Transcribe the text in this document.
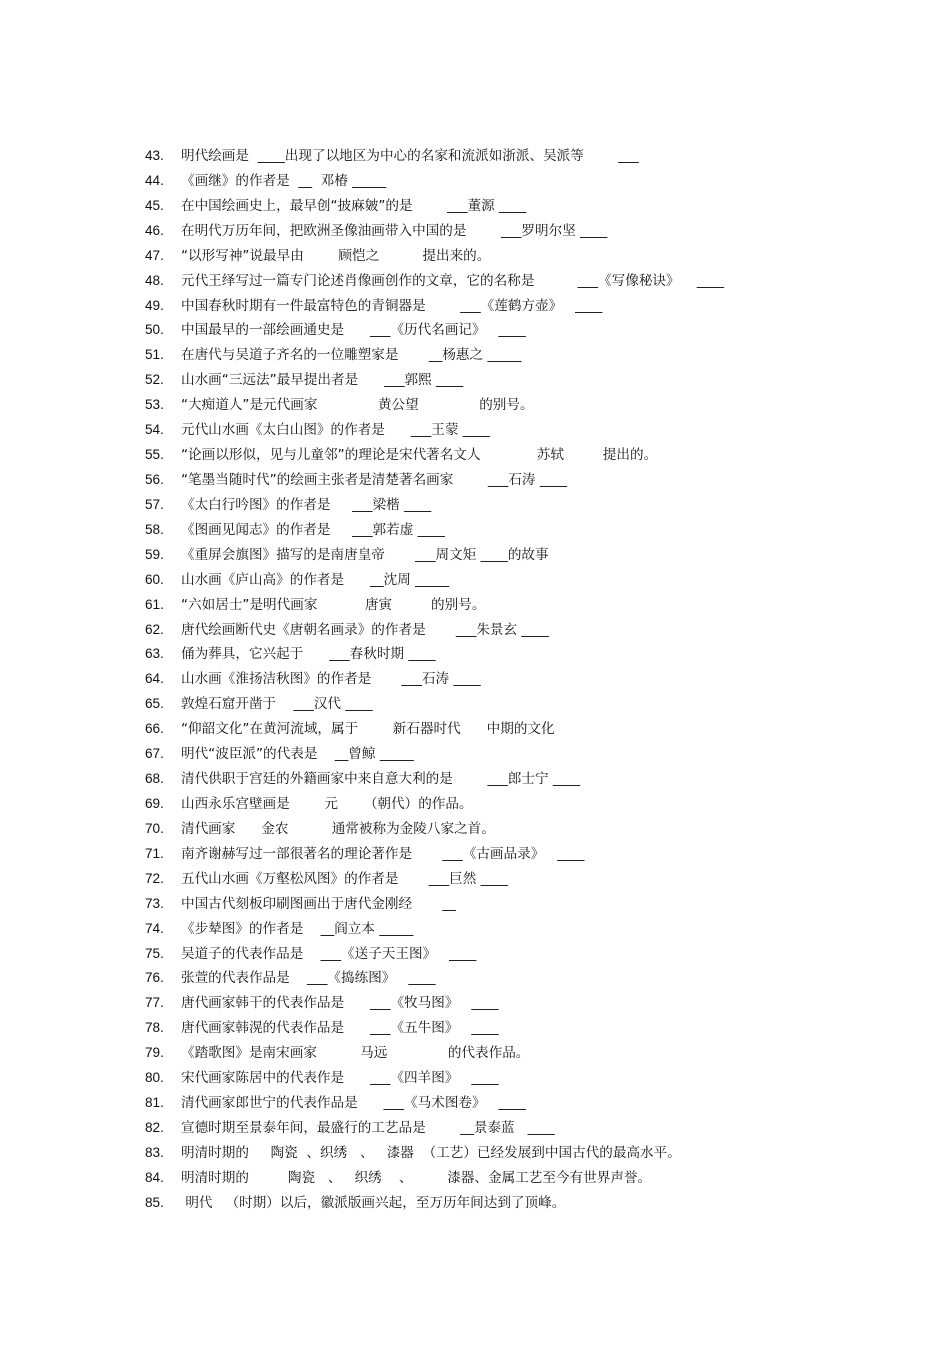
43. 明代绘画是  ____出现了以地区为中心的名家和流派如浙派、吴派等        ___
44. 《画继》的作者是  __  邓椿 _____
45. 在中国绘画史上，最早创“披麻皴”的是        ___董源 ____
46. 在明代万历年间，把欧洲圣像油画带入中国的是        ___罗明尔坚 ____
47. “以形写神”说最早由        顾恺之          提出来的。
48. 元代王绎写过一篇专门论述肖像画创作的文章，它的名称是          ___《写像秘诀》    ____
49. 中国春秋时期有一件最富特色的青铜器是        ___《莲鹤方壶》   ____
50. 中国最早的一部绘画通史是      ___《历代名画记》   ____
51. 在唐代与吴道子齐名的一位雕塑家是       __杨惠之 _____
52. 山水画“三远法”最早提出者是      ___郭熙 ____
53. “大痴道人”是元代画家              黄公望              的别号。
54. 元代山水画《太白山图》的作者是      ___王蒙 ____
55. “论画以形似，见与儿童邻”的理论是宋代著名文人             苏轼         提出的。
56. “笔墨当随时代”的绘画主张者是清楚著名画家        ___石涛 ____
57. 《太白行吟图》的作者是     ___梁楷 ____
58. 《图画见闻志》的作者是     ___郭若虚 ____
59. 《重屏会旗图》描写的是南唐皇帝       ___周文矩 ____的故事
60. 山水画《庐山高》的作者是      __沈周 _____
61. “六如居士”是明代画家           唐寅         的别号。
62. 唐代绘画断代史《唐朝名画录》的作者是       ___朱景玄 ____
63. 俑为葬具，它兴起于      ___春秋时期 ____
64. 山水画《淮扬洁秋图》的作者是       ___石涛 ____
65. 敦煌石窟开凿于    ___汉代 ____
66. “仰韶文化”在黄河流域，属于        新石器时代      中期的文化
67. 明代“波臣派”的代表是    __曾鲸 _____
68. 清代供职于宫廷的外籍画家中来自意大利的是        ___郎士宁 ____
69. 山西永乐宫壁画是        元      （朝代）的作品。
70. 清代画家      金农          通常被称为金陵八家之首。
71. 南齐谢赫写过一部很著名的理论著作是       ___《古画品录》   ____
72. 五代山水画《万壑松风图》的作者是       ___巨然 ____
73. 中国古代刻板印刷图画出于唐代金刚经       __
74. 《步辇图》的作者是    __阎立本 _____
75. 吴道子的代表作品是    ___《送子天王图》   ____
76. 张萱的代表作品是    ___《捣练图》   ____
77. 唐代画家韩干的代表作品是      ___《牧马图》   ____
78. 唐代画家韩滉的代表作品是      ___《五牛图》   ____
79. 《踏歌图》是南宋画家          马远              的代表作品。
80. 宋代画家陈居中的代表作是      ___《四羊图》   ____
81. 清代画家郎世宁的代表作品是      ___《马术图卷》   ____
82. 宣德时期至景泰年间，最盛行的工艺品是        __景泰蓝   ____
83. 明清时期的     陶瓷  、织绣   、   漆器  （工艺）已经发展到中国古代的最高水平。
84. 明清时期的         陶瓷   、   织绣    、        漆器、金属工艺至今有世界声誉。
85. 明代   （时期）以后，徽派版画兴起，至万历年间达到了顶峰。
